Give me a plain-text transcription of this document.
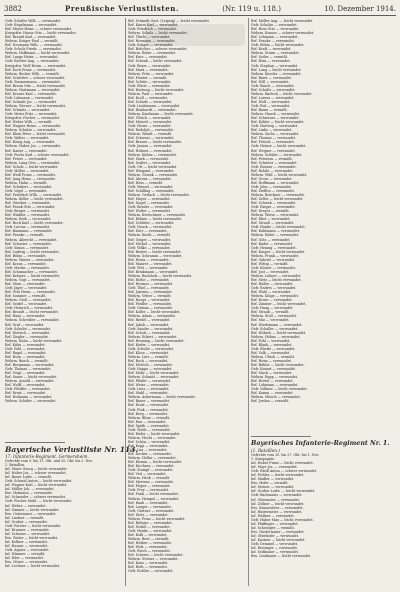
3882	Preußische Verlustlisten.	(Nr. 119 u. 118.)	10. Dezember 1914.
Gefr. Schäfer Wilh. — verwundet.
Gefr. Engelmann — verwundet.
Ref. Meyer Heinr. — schwer verwundet.
Kriegsfrw. Haase Otto — leicht verwundet.
Ref. Brandt Karl — verwundet.
Wehrm. Krüger Paul — vermißt.
Ref. Neumann Wilh. — verwundet.
Gefr. Schulz Friedr. — verwundet.
Wehrm. Hoffmann — leicht verwundet.
Ref. Lange Heinr. — verwundet.
Gefr. Richter Aug. — verwundet.
Kriegsfrw. Wolf Herm. — verwundet.
Ref. Koch Franz — verwundet.
Wehrm. Becker Wilh. — vermißt.
Ref. Schröder — schwer verwundet.
Gefr. Zimmermann — verwundet.
Ref. Braun Otto — leicht verwundet.
Wehrm. Hartmann — verwundet.
Ref. Krause Karl — verwundet.
Gefr. Lehmann — verwundet.
Ref. Schmitt Jos. — verwundet.
Wehrm. Werner — leicht verwundet.
Ref. Schmitz — verwundet.
Gefr. Meier Fritz — verwundet.
Kriegsfrw. Fischer — verwundet.
Ref. Weber Wilh. — vermißt.
Ref. Wagner Heinr. — verwundet.
Wehrm. Schulze — verwundet.
Ref. Klein Peter — leicht verwundet.
Gefr. Walter — verwundet.
Ref. König Aug. — verwundet.
Wehrm. Huber Jos. — verwundet.
Ref. Kaiser — verwundet.
Gefr. Fuchs Karl — schwer verwundet.
Ref. Peters — verwundet.
Wehrm. Lang Otto — verwundet.
Ref. Scholz — leicht verwundet.
Gefr. Möller — verwundet.
Ref. Weiß Franz — verwundet.
Ref. Jung Heinr. — verwundet.
Wehrm. Hahn — vermißt.
Ref. Schubert — verwundet.
Gefr. Vogel — verwundet.
Ref. Friedrich Wilh. — verwundet.
Wehrm. Keller — leicht verwundet.
Ref. Günther — verwundet.
Ref. Frank Otto — verwundet.
Gefr. Berger — verwundet.
Ref. Winkler — verwundet.
Wehrm. Roth — verwundet.
Ref. Beck Karl — leicht verwundet.
Gefr. Lorenz — verwundet.
Ref. Baumann — verwundet.
Ref. Franke — vermißt.
Wehrm. Albrecht — verwundet.
Ref. Schuster — verwundet.
Gefr. Simon — verwundet.
Ref. Ludwig — leicht verwundet.
Ref. Böhm — verwundet.
Wehrm. Winter — verwundet.
Ref. Kraus — verwundet.
Gefr. Martin — verwundet.
Ref. Schumacher — verwundet.
Ref. Krämer — leicht verwundet.
Wehrm. Vogt — verwundet.
Ref. Stein — verwundet.
Gefr. Jäger — verwundet.
Ref. Otto Herm. — verwundet.
Ref. Sommer — vermißt.
Wehrm. Groß — verwundet.
Ref. Seidel — verwundet.
Gefr. Heinrich — verwundet.
Ref. Brandt — leicht verwundet.
Ref. Haas — verwundet.
Wehrm. Schreiber — verwundet.
Ref. Graf — verwundet.
Gefr. Schulte — verwundet.
Ref. Dietrich — verwundet.
Ref. Ziegler — verwundet.
Wehrm. Kuhn — leicht verwundet.
Ref. Kühn — verwundet.
Gefr. Pohl — verwundet.
Ref. Engel — verwundet.
Ref. Horn — verwundet.
Wehrm. Busch — vermißt.
Ref. Bergmann — verwundet.
Gefr. Thomas — verwundet.
Ref. Voigt — verwundet.
Ref. Sauer — leicht verwundet.
Wehrm. Arnold — verwundet.
Ref. Wolff — verwundet.
Gefr. Pfeiffer — verwundet.
Ref. Ernst — verwundet.
Ref. Hofmann — verwundet.
Wehrm. Schäfer — verwundet.
Bayerische Verlustliste Nr. 113.
17. Infanterie-Regiment, Germersheim.
Gefechte vom 9. bis 11. Okt. und 20. Okt. bis 2. Nov.
1. Bataillon.
Inf. Maier Georg — leicht verwundet.
Inf. Huber Jos. — schwer verwundet.
Inf. Bauer Ludw. — vermißt.
Gefr. Schmid Anton — leicht verwundet.
Inf. Wagner Karl — leicht verwundet.
Inf. Müller Joh. — verwundet.
Res. Hofmann — verwundet.
Inf. Schneider — schwer verwundet.
Gefr. Fischer Math. — leicht verwundet.
Inf. Weber — verwundet.
Inf. Zimmer — leicht verwundet.
Res. Ostermaier — verwundet.
Inf. Lindner — vermißt.
Inf. Gruber — verwundet.
Gefr. Forster — leicht verwundet.
Inf. Brunner — verwundet.
Inf. Schwarz — verwundet.
Res. Reiter — leicht verwundet.
Inf. Kellner — verwundet.
Inf. Hauser — verwundet.
Gefr. Aigner — verwundet.
Inf. Wimmer — vermißt.
Inf. Eder — verwundet.
Res. Moser — verwundet.
Inf. Lechner — leicht verwundet.
Ref. Schmidt Gust. (Leipzig) — leicht verwundet.
Ref. Kunze Karl — verwundet.
Gefr. Friedrich — verwundet.
Wehrm. Schulz — leicht verwundet.
Ref. Thiele — verwundet.
Ref. Hermann — verwundet.
Gefr. Krüger — verwundet.
Ref. Böttcher — schwer verwundet.
Wehrm. Ritter — verwundet.
Ref. Kurz — verwundet.
Ref. Schenk — leicht verwundet.
Gefr. Beyer — verwundet.
Ref. Marx — verwundet.
Wehrm. Fritz — verwundet.
Ref. Förster — vermißt.
Ref. Schütz — verwundet.
Gefr. Ebert — verwundet.
Ref. Hartung — leicht verwundet.
Wehrm. Paul — verwundet.
Ref. Kroll — verwundet.
Ref. Schade — verwundet.
Gefr. Lindemann — verwundet.
Ref. Reinhardt — verwundet.
Wehrm. Kaufmann — leicht verwundet.
Ref. Ullrich — verwundet.
Ref. Menzel — verwundet.
Gefr. Hesse — verwundet.
Ref. Rudolph — verwundet.
Wehrm. Wendt — vermißt.
Ref. Schwarz — verwundet.
Ref. Brauer — leicht verwundet.
Gefr. Jansen — verwundet.
Ref. Hübner — verwundet.
Wehrm. Kühne — verwundet.
Ref. Stark — verwundet.
Ref. Seifert — verwundet.
Gefr. Ott — leicht verwundet.
Ref. Wiegand — verwundet.
Wehrm. Nowak — verwundet.
Ref. Ahrens — verwundet.
Ref. Hein — vermißt.
Gefr. Wenzel — verwundet.
Ref. Schilling — verwundet.
Wehrm. Gerlach — leicht verwundet.
Ref. Mayer — verwundet.
Ref. Nagel — verwundet.
Gefr. Bender — verwundet.
Ref. Wolter — verwundet.
Wehrm. Kretschmer — verwundet.
Ref. Böhme — leicht verwundet.
Ref. Schlüter — verwundet.
Gefr. Noack — verwundet.
Ref. Dörr — verwundet.
Wehrm. Kurth — vermißt.
Ref. Geiger — verwundet.
Ref. Michel — verwundet.
Gefr. Wilke — verwundet.
Ref. Reuter — leicht verwundet.
Wehrm. Schramm — verwundet.
Ref. Heinz — verwundet.
Ref. Maurer — verwundet.
Gefr. Witt — verwundet.
Ref. Brinkmann — verwundet.
Wehrm. Buchholz — leicht verwundet.
Ref. Rothe — verwundet.
Ref. Hermes — verwundet.
Gefr. Thiel — verwundet.
Ref. Janssen — verwundet.
Wehrm. Vetter — vermißt.
Ref. Haupt — verwundet.
Ref. Fiedler — verwundet.
Gefr. Grimm — verwundet.
Ref. Koller — leicht verwundet.
Wehrm. Adam — verwundet.
Ref. Riedel — verwundet.
Ref. Jakob — verwundet.
Gefr. Sander — verwundet.
Ref. Schott — verwundet.
Wehrm. Eckert — verwundet.
Ref. Henning — leicht verwundet.
Ref. Kiefer — verwundet.
Gefr. Schulte — verwundet.
Ref. Klose — verwundet.
Wehrm. Lutz — vermißt.
Ref. Bock — verwundet.
Ref. Dittrich — verwundet.
Gefr. Hoppe — verwundet.
Ref. Mohr — leicht verwundet.
Wehrm. Schmitt — verwundet.
Ref. Pfeifer — verwundet.
Ref. Weise — verwundet.
Gefr. Lenz — verwundet.
Ref. Stahl — verwundet.
Wehrm. Ackermann — leicht verwundet.
Ref. Bauer — verwundet.
Ref. Ernst — verwundet.
Gefr. Fink — verwundet.
Ref. Berg — verwundet.
Wehrm. Blum — vermißt.
Ref. Rau — verwundet.
Ref. Späth — verwundet.
Gefr. Wirth — verwundet.
Ref. Röder — leicht verwundet.
Wehrm. Hecht — verwundet.
Ref. Schön — verwundet.
Ref. Kopp — verwundet.
Gefr. Lux — verwundet.
Ref. Decker — verwundet.
Wehrm. Heller — verwundet.
Ref. Klemm — leicht verwundet.
Ref. Kirchner — verwundet.
Gefr. Stumpf — verwundet.
Ref. Veit — verwundet.
Wehrm. Heck — vermißt.
Ref. Mertens — verwundet.
Ref. Pieper — verwundet.
Gefr. Frey — verwundet.
Ref. Funk — leicht verwundet.
Wehrm. Hempel — verwundet.
Ref. Raab — verwundet.
Ref. Langer — verwundet.
Gefr. Gärtner — verwundet.
Ref. Dietz — verwundet.
Wehrm. Prinz — leicht verwundet.
Ref. Böttger — verwundet.
Ref. Nickel — verwundet.
Gefr. Henke — verwundet.
Ref. Kolb — verwundet.
Wehrm. Beer — vermißt.
Ref. Hüther — verwundet.
Ref. Walz — verwundet.
Gefr. Reich — verwundet.
Ref. Scherer — leicht verwundet.
Wehrm. Steiner — verwundet.
Ref. Kunz — verwundet.
Ref. Roth — verwundet.
Gefr. Eichler — verwundet.
Ref. Möller Aug. — leicht verwundet.
Gefr. Schulze — verwundet.
Ref. Hein Otto — verwundet.
Wehrm. Krause — schwer verwundet.
Ref. Lehmann — verwundet.
Ref. Franke — verwundet.
Gefr. Böhm — leicht verwundet.
Ref. Kraft — verwundet.
Wehrm. Sturm — verwundet.
Ref. Seiler — vermißt.
Ref. Hinz — verwundet.
Gefr. Stephan — verwundet.
Ref. Lang — leicht verwundet.
Wehrm. Kessler — verwundet.
Ref. Baier — verwundet.
Ref. Will — verwundet.
Gefr. Busch — verwundet.
Ref. Schultz — verwundet.
Wehrm. Bartsch — leicht verwundet.
Ref. Lorenz — verwundet.
Ref. Wolf — verwundet.
Gefr. Ruf — verwundet.
Ref. Baum — vermißt.
Wehrm. Hauck — verwundet.
Ref. Schreiner — verwundet.
Ref. Köhler — leicht verwundet.
Gefr. Hartwig — verwundet.
Ref. Linke — verwundet.
Wehrm. Sachs — verwundet.
Ref. Thomas — verwundet.
Ref. Fritsch — verwundet.
Gefr. Heinze — leicht verwundet.
Ref. Wegner — verwundet.
Wehrm. Schüler — verwundet.
Ref. Petersen — vermißt.
Ref. Schröter — verwundet.
Gefr. Renner — verwundet.
Ref. Rohde — verwundet.
Wehrm. Wild — leicht verwundet.
Ref. Gross — verwundet.
Ref. Hoffmann — verwundet.
Gefr. Jahn — verwundet.
Ref. Steffen — verwundet.
Wehrm. Brückner — verwundet.
Ref. Zeller — leicht verwundet.
Ref. Schwab — verwundet.
Gefr. Rieger — verwundet.
Ref. Dreyer — vermißt.
Wehrm. Wiese — verwundet.
Ref. Ebel — verwundet.
Ref. Strauß — verwundet.
Gefr. Hanke — leicht verwundet.
Ref. Kuhlmann — verwundet.
Wehrm. Ritter — verwundet.
Ref. Götz — verwundet.
Ref. Bader — verwundet.
Gefr. Hennig — verwundet.
Ref. Kasper — leicht verwundet.
Wehrm. Frank — verwundet.
Ref. Gabriel — verwundet.
Ref. Wittig — vermißt.
Gefr. Körner — verwundet.
Ref. Jost — verwundet.
Wehrm. Lehner — verwundet.
Ref. Metz — leicht verwundet.
Ref. Haller — verwundet.
Gefr. Endres — verwundet.
Ref. Wahl — verwundet.
Wehrm. Kluge — verwundet.
Ref. Kruse — verwundet.
Ref. Zimmer — leicht verwundet.
Gefr. Haag — verwundet.
Ref. Straub — vermißt.
Wehrm. Stoll — verwundet.
Ref. Mai — verwundet.
Ref. Wiedemann — verwundet.
Gefr. Schaller — verwundet.
Ref. Hübsch — leicht verwundet.
Wehrm. Höhne — verwundet.
Ref. Pohl — verwundet.
Ref. Blank — verwundet.
Gefr. Eberle — verwundet.
Ref. Volk — verwundet.
Wehrm. Ulrich — vermißt.
Ref. Heim — verwundet.
Ref. Bühler — leicht verwundet.
Gefr. Kunert — verwundet.
Ref. Mack — verwundet.
Wehrm. Rapp — verwundet.
Ref. Hertel — verwundet.
Ref. Lohmann — verwundet.
Gefr. Vollmer — leicht verwundet.
Ref. Kamm — verwundet.
Wehrm. Münch — verwundet.
Ref. Jordan — vermißt.
Bayerisches Infanterie-Regiment Nr. 1.
(1. Bataillon.)
Gefechte vom 20. bis 27. Okt. bis 1. Nov.
1. Kompagnie.
Inf. Huber Franz — leicht verwundet.
Inf. Mayr Jos. — verwundet.
Gefr. Riedl Anton — schwer verwundet.
Inf. Pichler — leicht verwundet.
Inf. Stadler — verwundet.
Res. Hofer — vermißt.
Inf. Steiner — verwundet.
Inf. Gruber Ludw. — leicht verwundet.
Gefr. Bachmaier — verwundet.
Inf. Obermeier — verwundet.
Inf. Zellner — leicht verwundet.
Res. Kronawitter — verwundet.
Inf. Hintermeier — verwundet.
Inf. Wallner — verwundet.
Gefr. Huber Max — leicht verwundet.
Inf. Pfaffinger — verwundet.
Inf. Schwaiger — vermißt.
Res. Niedermaier — verwundet.
Inf. Oberhofer — verwundet.
Inf. Kastner — leicht verwundet.
Gefr. Demmel — verwundet.
Inf. Reisinger — verwundet.
Inf. Sedlmaier — verwundet.
Res. Lindmaier — leicht verwundet.
